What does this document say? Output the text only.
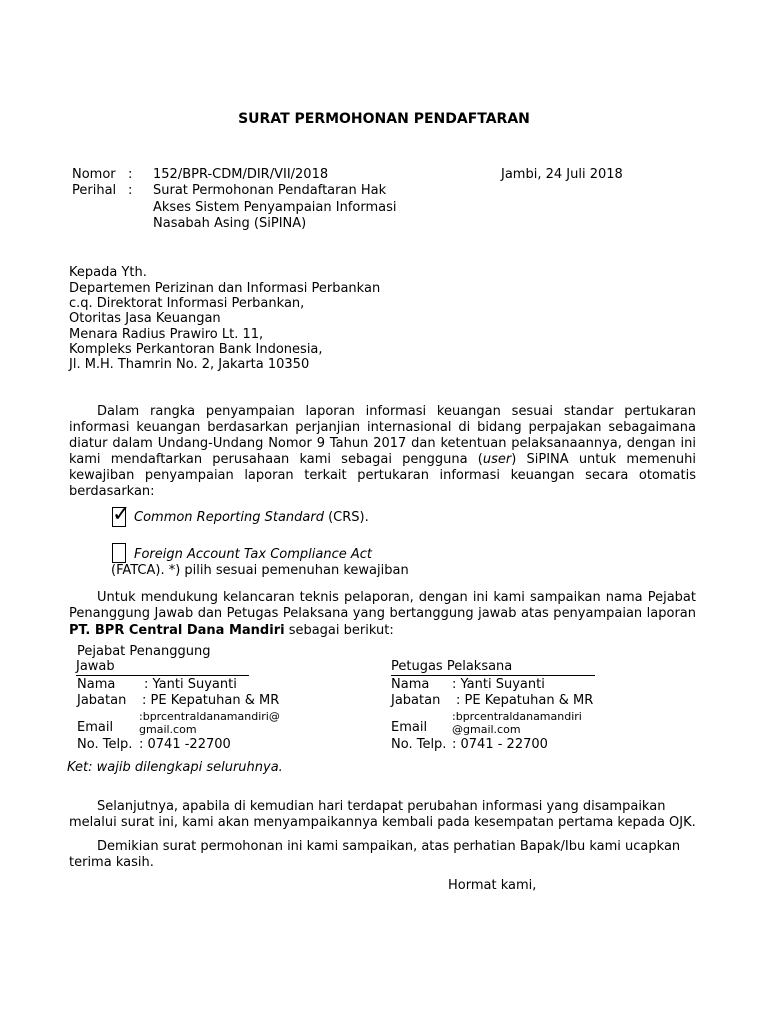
SURAT PERMOHONAN PENDAFTARAN
Nomor : 152/BPR-CDM/DIR/VII/2018	Jambi, 24 Juli 2018
Perihal : Surat Permohonan Pendaftaran Hak
Akses Sistem Penyampaian Informasi
Nasabah Asing (SiPINA)
Kepada Yth.
Departemen Perizinan dan Informasi Perbankan
c.q. Direktorat Informasi Perbankan,
Otoritas Jasa Keuangan
Menara Radius Prawiro Lt. 11,
Kompleks Perkantoran Bank Indonesia,
Jl. M.H. Thamrin No. 2, Jakarta 10350
Dalam rangka penyampaian laporan informasi keuangan sesuai standar pertukaran
informasi keuangan berdasarkan perjanjian internasional di bidang perpajakan sebagaimana
diatur dalam Undang-Undang Nomor 9 Tahun 2017 dan ketentuan pelaksanaannya, dengan ini
kami mendaftarkan perusahaan kami sebagai pengguna (user) SiPINA untuk memenuhi
kewajiban penyampaian laporan terkait pertukaran informasi keuangan secara otomatis
berdasarkan:
✓ Common Reporting Standard (CRS).
Foreign Account Tax Compliance Act
(FATCA). *) pilih sesuai pemenuhan kewajiban
Untuk mendukung kelancaran teknis pelaporan, dengan ini kami sampaikan nama Pejabat
Penanggung Jawab dan Petugas Pelaksana yang bertanggung jawab atas penyampaian laporan
PT. BPR Central Dana Mandiri sebagai berikut:
Pejabat Penanggung
Jawab
Nama : Yanti Suyanti
Jabatan : PE Kepatuhan & MR
:bprcentraldanamandiri@
Email gmail.com
No. Telp. : 0741 -22700
Petugas Pelaksana
Nama : Yanti Suyanti
Jabatan : PE Kepatuhan & MR
:bprcentraldanamandiri
Email @gmail.com
No. Telp. : 0741 - 22700
Ket: wajib dilengkapi seluruhnya.
Selanjutnya, apabila di kemudian hari terdapat perubahan informasi yang disampaikan
melalui surat ini, kami akan menyampaikannya kembali pada kesempatan pertama kepada OJK.
Demikian surat permohonan ini kami sampaikan, atas perhatian Bapak/Ibu kami ucapkan
terima kasih.
Hormat kami,
